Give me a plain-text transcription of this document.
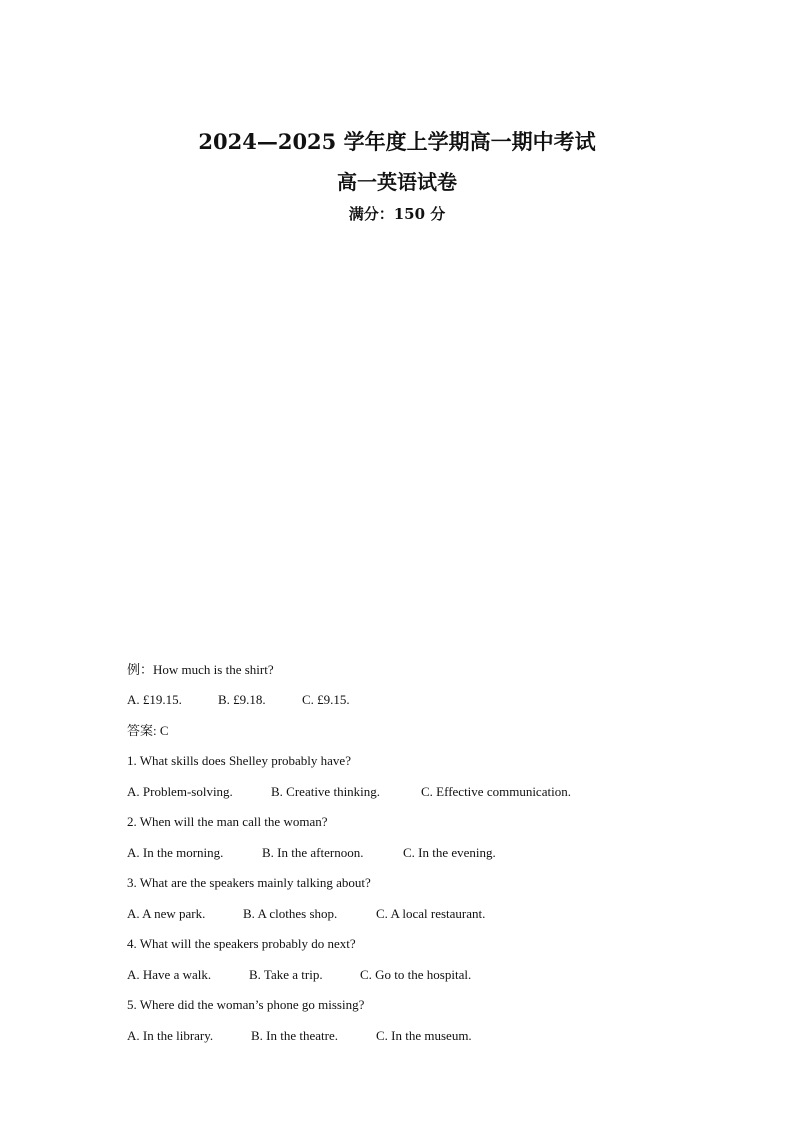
2024—2025 学年度上学期高一期中考试
高一英语试卷
满分：150 分
例：How much is the shirt?
A. £19.15.	B. £9.18.	C. £9.15.
答案: C
1. What skills does Shelley probably have?
A. Problem-solving.	B. Creative thinking.	C. Effective communication.
2. When will the man call the woman?
A. In the morning.	B. In the afternoon.	C. In the evening.
3. What are the speakers mainly talking about?
A. A new park.	B. A clothes shop.	C. A local restaurant.
4. What will the speakers probably do next?
A. Have a walk.	B. Take a trip.	C. Go to the hospital.
5. Where did the woman’s phone go missing?
A. In the library.	B. In the theatre.	C. In the museum.
